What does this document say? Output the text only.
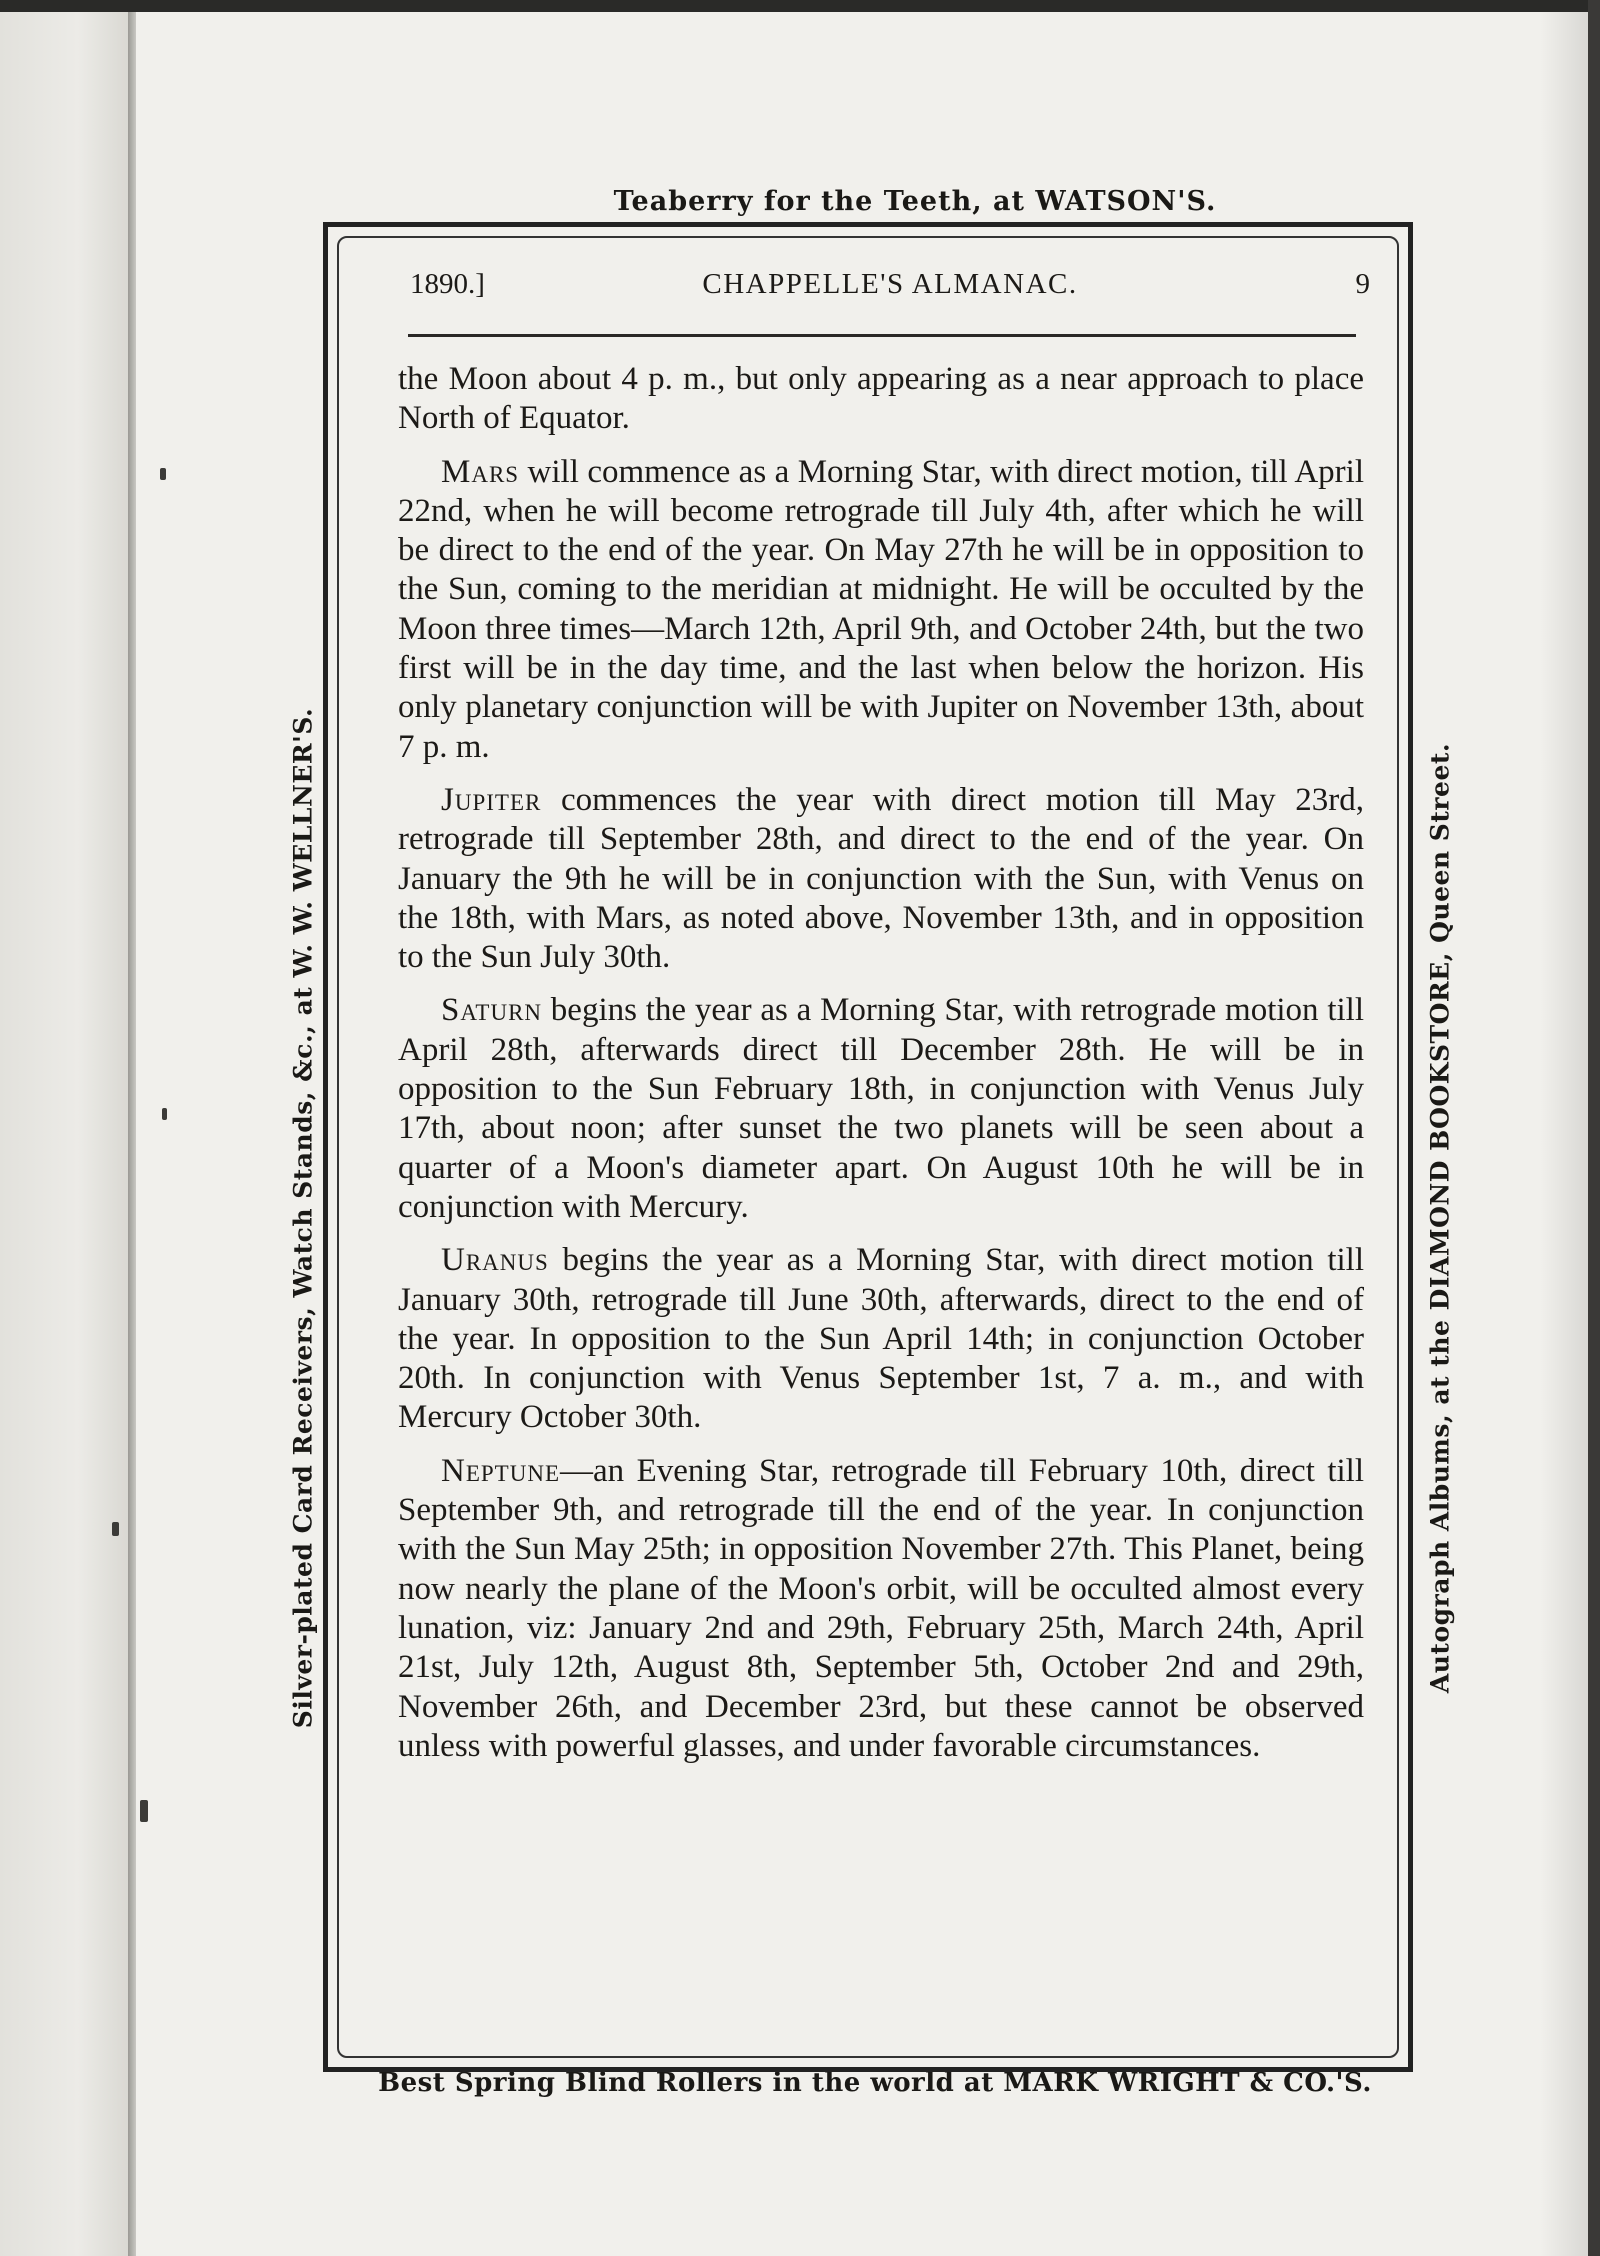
Teaberry for the Teeth, at WATSON'S.
Silver-plated Card Receivers, Watch Stands, &c., at W. W. WELLNER'S.	Autograph Albums, at the DIAMOND BOOKSTORE, Queen Street.
Best Spring Blind Rollers in the world at MARK WRIGHT & CO.'S.
1890.]	CHAPPELLE'S ALMANAC.	9

the Moon about 4 p. m., but only appearing as a near approach to place North of Equator.

Mars will commence as a Morning Star, with direct motion, till April 22nd, when he will become retrograde till July 4th, after which he will be direct to the end of the year. On May 27th he will be in opposition to the Sun, coming to the meridian at midnight. He will be occulted by the Moon three times—March 12th, April 9th, and October 24th, but the two first will be in the day time, and the last when below the horizon. His only planetary conjunction will be with Jupiter on November 13th, about 7 p. m.

Jupiter commences the year with direct motion till May 23rd, retrograde till September 28th, and direct to the end of the year. On January the 9th he will be in conjunction with the Sun, with Venus on the 18th, with Mars, as noted above, November 13th, and in opposition to the Sun July 30th.

Saturn begins the year as a Morning Star, with retrograde motion till April 28th, afterwards direct till December 28th. He will be in opposition to the Sun February 18th, in conjunction with Venus July 17th, about noon; after sunset the two planets will be seen about a quarter of a Moon's diameter apart. On August 10th he will be in conjunction with Mercury.

Uranus begins the year as a Morning Star, with direct motion till January 30th, retrograde till June 30th, afterwards, direct to the end of the year. In opposition to the Sun April 14th; in conjunction October 20th. In conjunction with Venus September 1st, 7 a. m., and with Mercury October 30th.

Neptune—an Evening Star, retrograde till February 10th, direct till September 9th, and retrograde till the end of the year. In conjunction with the Sun May 25th; in opposition November 27th. This Planet, being now nearly the plane of the Moon's orbit, will be occulted almost every lunation, viz: January 2nd and 29th, February 25th, March 24th, April 21st, July 12th, August 8th, September 5th, October 2nd and 29th, November 26th, and December 23rd, but these cannot be observed unless with powerful glasses, and under favorable circumstances.
